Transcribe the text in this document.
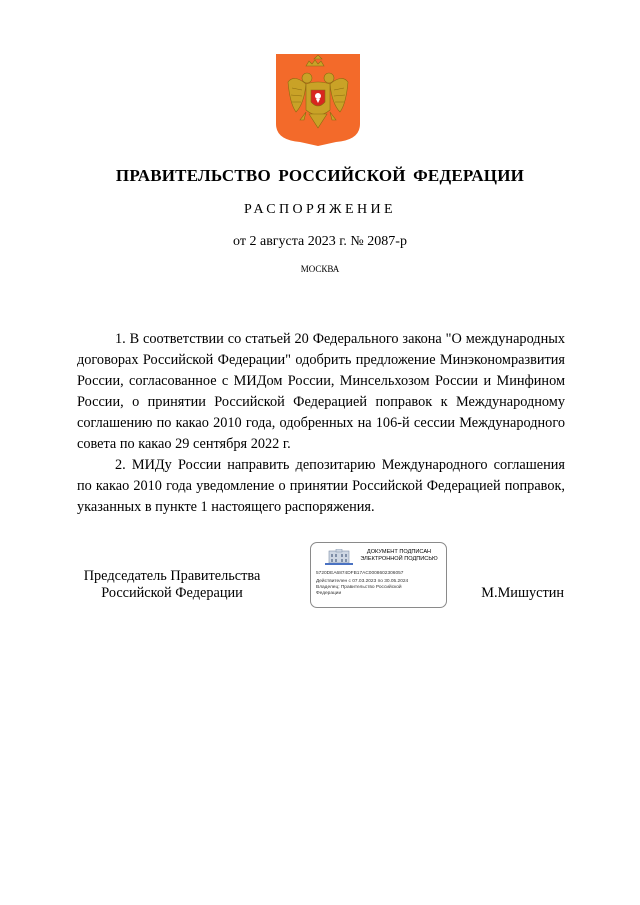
ПРАВИТЕЛЬСТВО РОССИЙСКОЙ ФЕДЕРАЦИИ
РАСПОРЯЖЕНИЕ
от 2 августа 2023 г. № 2087-р
МОСКВА

1. В соответствии со статьей 20 Федерального закона "О международных договорах Российской Федерации" одобрить предложение Минэкономразвития России, согласованное с МИДом России, Минсельхозом России и Минфином России, о принятии Российской Федерацией поправок к Международному соглашению по какао 2010 года, одобренных на 106-й сессии Международного совета по какао 29 сентября 2022 г.

2. МИДу России направить депозитарию Международного соглашения по какао 2010 года уведомление о принятии Российской Федерацией поправок, указанных в пункте 1 настоящего распоряжения.

Председатель Правительства
Российской Федерации
ДОКУМЕНТ ПОДПИСАН
ЭЛЕКТРОННОЙ ПОДПИСЬЮ
5720DEA6874DFB17AC0008602306057
Действителен с 07.03.2023 по 30.05.2024
Владелец: Правительство Российской
Федерации	М.Мишустин
